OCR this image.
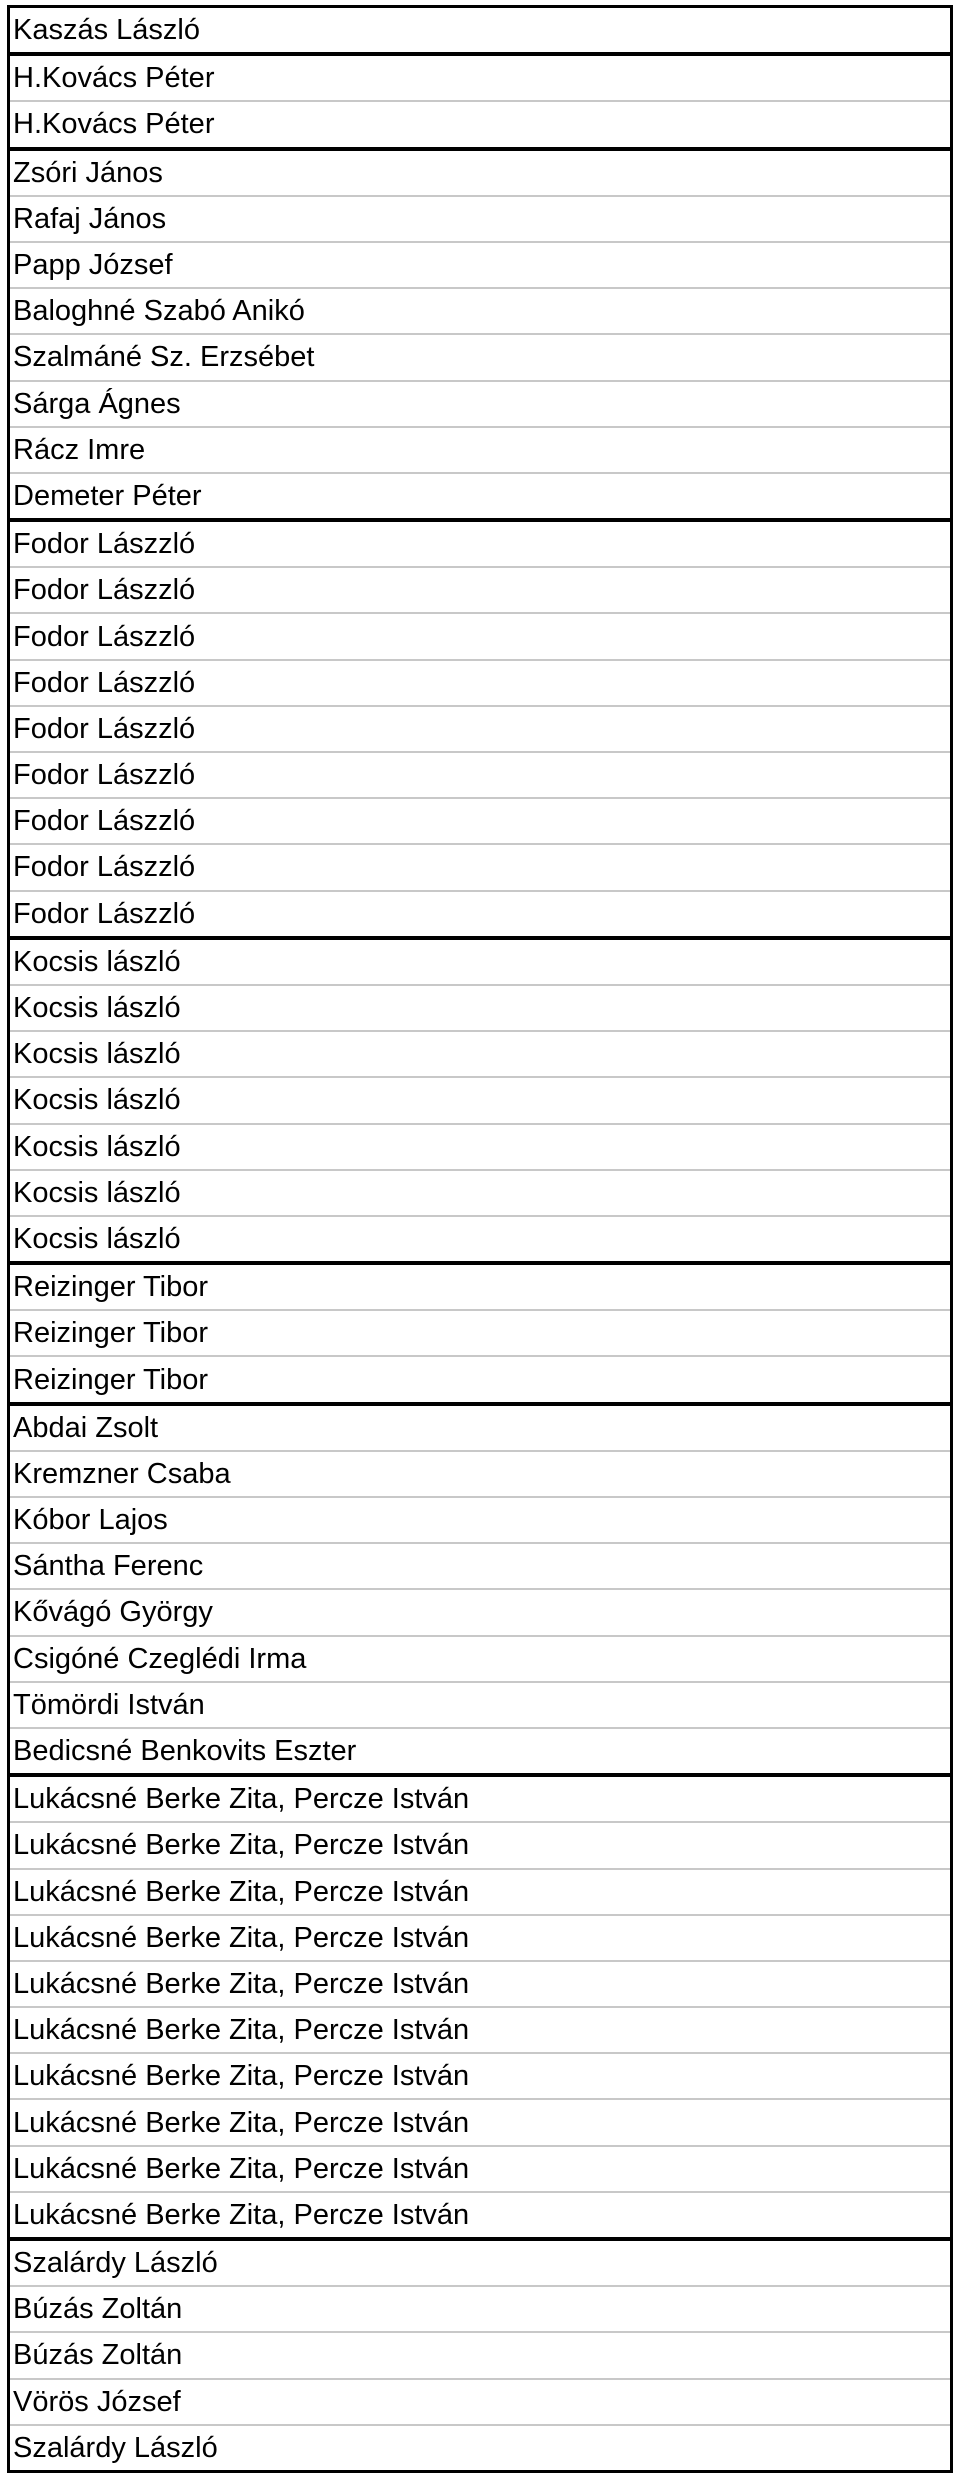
Kaszás László
H.Kovács Péter
H.Kovács Péter
Zsóri János
Rafaj János
Papp József
Baloghné Szabó Anikó
Szalmáné Sz. Erzsébet
Sárga Ágnes
Rácz Imre
Demeter Péter
Fodor Lászzló
Fodor Lászzló
Fodor Lászzló
Fodor Lászzló
Fodor Lászzló
Fodor Lászzló
Fodor Lászzló
Fodor Lászzló
Fodor Lászzló
Kocsis lászló
Kocsis lászló
Kocsis lászló
Kocsis lászló
Kocsis lászló
Kocsis lászló
Kocsis lászló
Reizinger Tibor
Reizinger Tibor
Reizinger Tibor
Abdai Zsolt
Kremzner Csaba
Kóbor Lajos
Sántha Ferenc
Kővágó György
Csigóné Czeglédi Irma
Tömördi István
Bedicsné Benkovits Eszter
Lukácsné Berke Zita, Percze István
Lukácsné Berke Zita, Percze István
Lukácsné Berke Zita, Percze István
Lukácsné Berke Zita, Percze István
Lukácsné Berke Zita, Percze István
Lukácsné Berke Zita, Percze István
Lukácsné Berke Zita, Percze István
Lukácsné Berke Zita, Percze István
Lukácsné Berke Zita, Percze István
Lukácsné Berke Zita, Percze István
Szalárdy László
Búzás Zoltán
Búzás Zoltán
Vörös József
Szalárdy László
